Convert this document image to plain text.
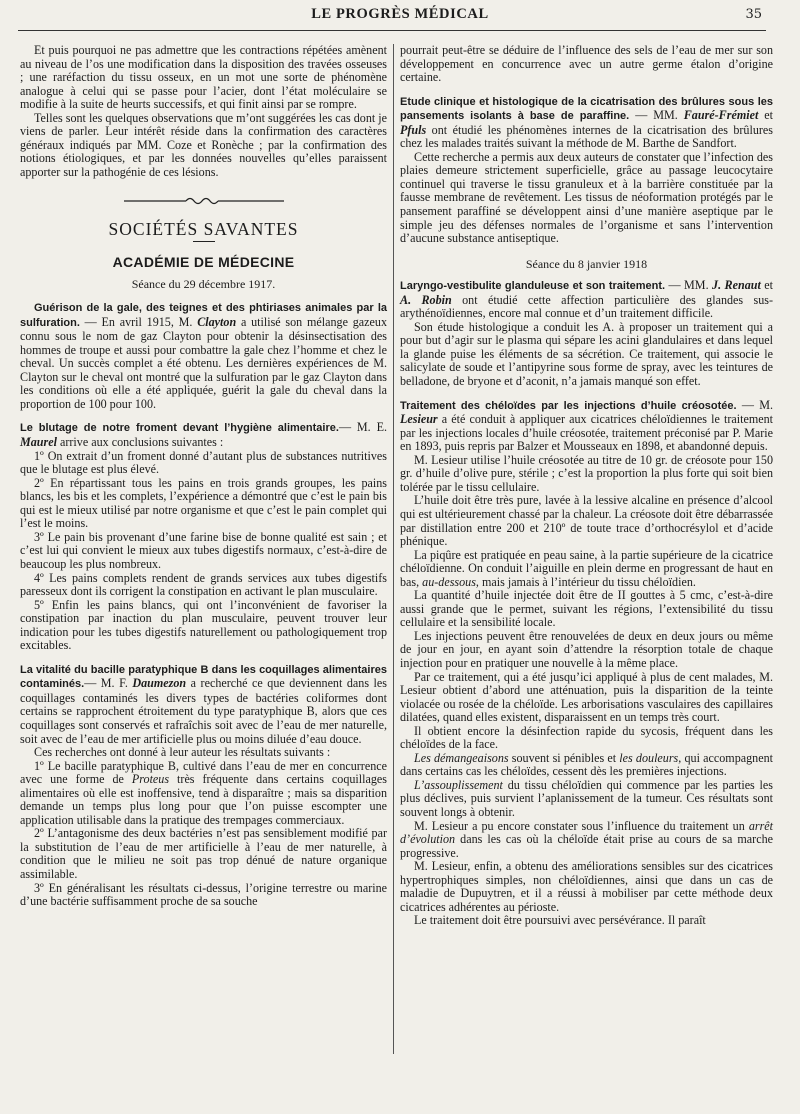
LE PROGRÈS MÉDICAL	35

Et puis pourquoi ne pas admettre que les contractions répétées amènent au niveau de l’os une modification dans la disposition des travées osseuses ; une raréfaction du tissu osseux, en un mot une sorte de phénomène analogue à celui qui se passe pour l’acier, dont l’état moléculaire se modifie à la suite de heurts successifs, et qui finit ainsi par se rompre.

Telles sont les quelques observations que m’ont suggérées les cas dont je viens de parler. Leur intérêt réside dans la confirmation des caractères généraux indiqués par MM. Coze et Ronèche ; par la confirmation des notions étiologiques, et par les données nouvelles qu’elles paraissent apporter sur la pathogénie de ces lésions.

SOCIÉTÉS SAVANTES
ACADÉMIE DE MÉDECINE
Séance du 29 décembre 1917.

Guérison de la gale, des teignes et des phtiriases animales par la sulfuration. — En avril 1915, M. Clayton a utilisé son mélange gazeux connu sous le nom de gaz Clayton pour obtenir la désinsectisation des hommes de troupe et aussi pour combattre la gale chez l’homme et chez le cheval. Un succès complet a été obtenu. Les dernières expériences de M. Clayton sur le cheval ont montré que la sulfuration par le gaz Clayton dans les conditions où elle a été appliquée, guérit la gale du cheval dans la proportion de 100 pour 100.

Le blutage de notre froment devant l’hygiène alimentaire.— M. E. Maurel arrive aux conclusions suivantes :

1º On extrait d’un froment donné d’autant plus de substances nutritives que le blutage est plus élevé.

2º En répartissant tous les pains en trois grands groupes, les pains blancs, les bis et les complets, l’expérience a démontré que c’est le pain bis qui est le mieux utilisé par notre organisme et que c’est le pain complet qui l’est le moins.

3º Le pain bis provenant d’une farine bise de bonne qualité est sain ; et c’est lui qui convient le mieux aux tubes digestifs normaux, c’est-à-dire de beaucoup les plus nombreux.

4º Les pains complets rendent de grands services aux tubes digestifs paresseux dont ils corrigent la constipation en activant le plan musculaire.

5º Enfin les pains blancs, qui ont l’inconvénient de favoriser la constipation par inaction du plan musculaire, peuvent trouver leur indication pour les tubes digestifs naturellement ou pathologiquement trop excitables.

La vitalité du bacille paratyphique B dans les coquillages alimentaires contaminés.— M. F. Daumezon a recherché ce que deviennent dans les coquillages contaminés les divers types de bactéries coliformes dont certains se rapprochent étroitement du type paratyphique B, alors que ces coquillages sont conservés et rafraîchis soit avec de l’eau de mer naturelle, soit avec de l’eau de mer artificielle plus ou moins diluée d’eau douce.

Ces recherches ont donné à leur auteur les résultats suivants :

1º Le bacille paratyphique B, cultivé dans l’eau de mer en concurrence avec une forme de Proteus très fréquente dans certains coquillages alimentaires où elle est inoffensive, tend à disparaître ; mais sa disparition demande un temps plus long pour que l’on puisse escompter une application utilisable dans la pratique des trempages commerciaux.

2º L’antagonisme des deux bactéries n’est pas sensiblement modifié par la substitution de l’eau de mer artificielle à l’eau de mer naturelle, à condition que le milieu ne soit pas trop dénué de nature organique assimilable.

3º En généralisant les résultats ci-dessus, l’origine terrestre ou marine d’une bactérie suffisamment proche de sa souche

pourrait peut-être se déduire de l’influence des sels de l’eau de mer sur son développement en concurrence avec un autre germe étalon d’origine certaine.

Etude clinique et histologique de la cicatrisation des brûlures sous les pansements isolants à base de paraffine. — MM. Fauré-Frémiet et Pfuls ont étudié les phénomènes internes de la cicatrisation des brûlures chez les malades traités suivant la méthode de M. Barthe de Sandfort.

Cette recherche a permis aux deux auteurs de constater que l’infection des plaies demeure strictement superficielle, grâce au passage leucocytaire continuel qui traverse le tissu granuleux et à la barrière constituée par la fausse membrane de revêtement. Les tissus de néoformation protégés par le pansement paraffiné se développent ainsi d’une manière aseptique par le simple jeu des défenses normales de l’organisme et sans l’intervention d’aucune substance antiseptique.

Séance du 8 janvier 1918

Laryngo-vestibulite glanduleuse et son traitement. — MM. J. Renaut et A. Robin ont étudié cette affection particulière des glandes sus-arythénoïdiennes, encore mal connue et d’un traitement difficile.

Son étude histologique a conduit les A. à proposer un traitement qui a pour but d’agir sur le plasma qui sépare les acini glandulaires et dans lequel la glande puise les éléments de sa sécrétion. Ce traitement, qui associe le salicylate de soude et l’antipyrine sous forme de spray, avec les teintures de belladone, de bryone et d’aconit, n’a jamais manqué son effet.

Traitement des chéloïdes par les injections d’huile créosotée. — M. Lesieur a été conduit à appliquer aux cicatrices chéloïdiennes le traitement par les injections locales d’huile créosotée, traitement préconisé par P. Marie en 1893, puis repris par Balzer et Mousseaux en 1898, et abandonné depuis.

M. Lesieur utilise l’huile créosotée au titre de 10 gr. de créosote pour 150 gr. d’huile d’olive pure, stérile ; c’est la proportion la plus forte qui soit bien tolérée par le tissu cellulaire.

L’huile doit être très pure, lavée à la lessive alcaline en présence d’alcool qui est ultérieurement chassé par la chaleur. La créosote doit être débarrassée par distillation entre 200 et 210º de toute trace d’orthocrésylol et d’acide phénique.

La piqûre est pratiquée en peau saine, à la partie supérieure de la cicatrice chéloïdienne. On conduit l’aiguille en plein derme en progressant de haut en bas, au-dessous, mais jamais à l’intérieur du tissu chéloïdien.

La quantité d’huile injectée doit être de II gouttes à 5 cmc, c’est-à-dire aussi grande que le permet, suivant les régions, l’extensibilité du tissu cellulaire et la sensibilité locale.

Les injections peuvent être renouvelées de deux en deux jours ou même de jour en jour, en ayant soin d’attendre la résorption totale de chaque injection pour en pratiquer une nouvelle à la même place.

Par ce traitement, qui a été jusqu’ici appliqué à plus de cent malades, M. Lesieur obtient d’abord une atténuation, puis la disparition de la teinte violacée ou rosée de la chéloïde. Les arborisations vasculaires des capillaires dilatées, quand elles existent, disparaissent en un temps très court.

Il obtient encore la désinfection rapide du sycosis, fréquent dans les chéloïdes de la face.

Les démangeaisons souvent si pénibles et les douleurs, qui accompagnent dans certains cas les chéloïdes, cessent dès les premières injections.

L’assouplissement du tissu chéloïdien qui commence par les parties les plus déclives, puis survient l’aplanissement de la tumeur. Ces résultats sont souvent longs à obtenir.

M. Lesieur a pu encore constater sous l’influence du traitement un arrêt d’évolution dans les cas où la chéloïde était prise au cours de sa marche progressive.

M. Lesieur, enfin, a obtenu des améliorations sensibles sur des cicatrices hypertrophiques simples, non chéloïdiennes, ainsi que dans un cas de maladie de Dupuytren, et il a réussi à mobiliser par cette méthode deux cicatrices adhérentes au périoste.

Le traitement doit être poursuivi avec persévérance. Il paraît
